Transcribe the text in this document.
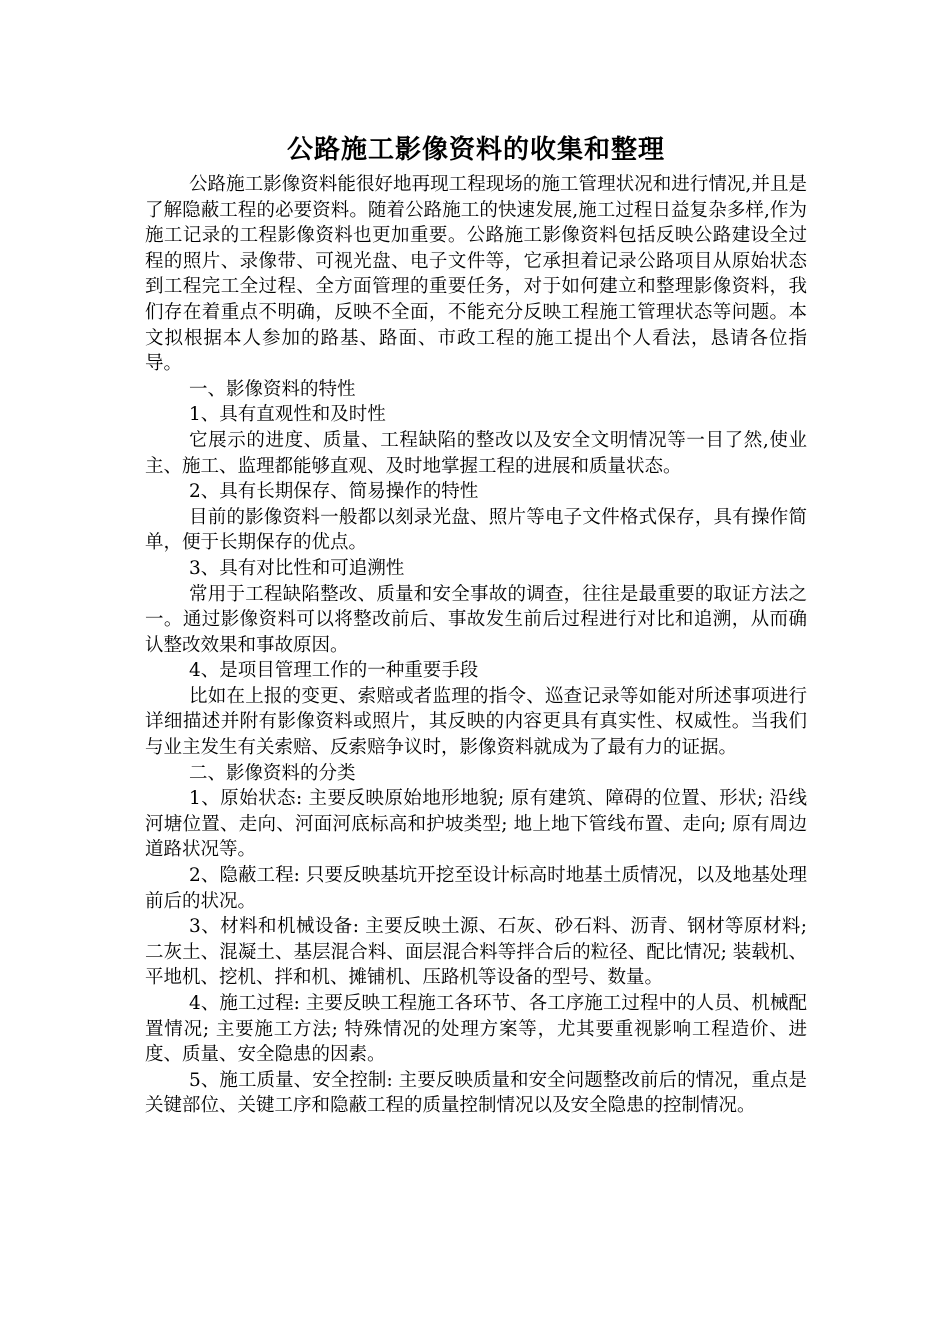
公路施工影像资料的收集和整理

公路施工影像资料能很好地再现工程现场的施工管理状况和进行情况,并且是了解隐蔽工程的必要资料。随着公路施工的快速发展,施工过程日益复杂多样,作为施工记录的工程影像资料也更加重要。公路施工影像资料包括反映公路建设全过程的照片、录像带、可视光盘、电子文件等，它承担着记录公路项目从原始状态到工程完工全过程、全方面管理的重要任务，对于如何建立和整理影像资料，我们存在着重点不明确，反映不全面，不能充分反映工程施工管理状态等问题。本文拟根据本人参加的路基、路面、市政工程的施工提出个人看法，恳请各位指导。

一、影像资料的特性

1、具有直观性和及时性

它展示的进度、质量、工程缺陷的整改以及安全文明情况等一目了然,使业主、施工、监理都能够直观、及时地掌握工程的进展和质量状态。

2、具有长期保存、简易操作的特性

目前的影像资料一般都以刻录光盘、照片等电子文件格式保存，具有操作简单，便于长期保存的优点。

3、具有对比性和可追溯性

常用于工程缺陷整改、质量和安全事故的调查，往往是最重要的取证方法之一。通过影像资料可以将整改前后、事故发生前后过程进行对比和追溯，从而确认整改效果和事故原因。

4、是项目管理工作的一种重要手段

比如在上报的变更、索赔或者监理的指令、巡查记录等如能对所述事项进行详细描述并附有影像资料或照片，其反映的内容更具有真实性、权威性。当我们与业主发生有关索赔、反索赔争议时，影像资料就成为了最有力的证据。

二、影像资料的分类

1、原始状态: 主要反映原始地形地貌; 原有建筑、障碍的位置、形状; 沿线河塘位置、走向、河面河底标高和护坡类型; 地上地下管线布置、走向; 原有周边道路状况等。

2、隐蔽工程: 只要反映基坑开挖至设计标高时地基土质情况，以及地基处理前后的状况。

3、材料和机械设备: 主要反映土源、石灰、砂石料、沥青、钢材等原材料; 二灰土、混凝土、基层混合料、面层混合料等拌合后的粒径、配比情况; 装载机、平地机、挖机、拌和机、摊铺机、压路机等设备的型号、数量。

4、施工过程: 主要反映工程施工各环节、各工序施工过程中的人员、机械配置情况; 主要施工方法; 特殊情况的处理方案等，尤其要重视影响工程造价、进度、质量、安全隐患的因素。

5、施工质量、安全控制: 主要反映质量和安全问题整改前后的情况，重点是关键部位、关键工序和隐蔽工程的质量控制情况以及安全隐患的控制情况。
